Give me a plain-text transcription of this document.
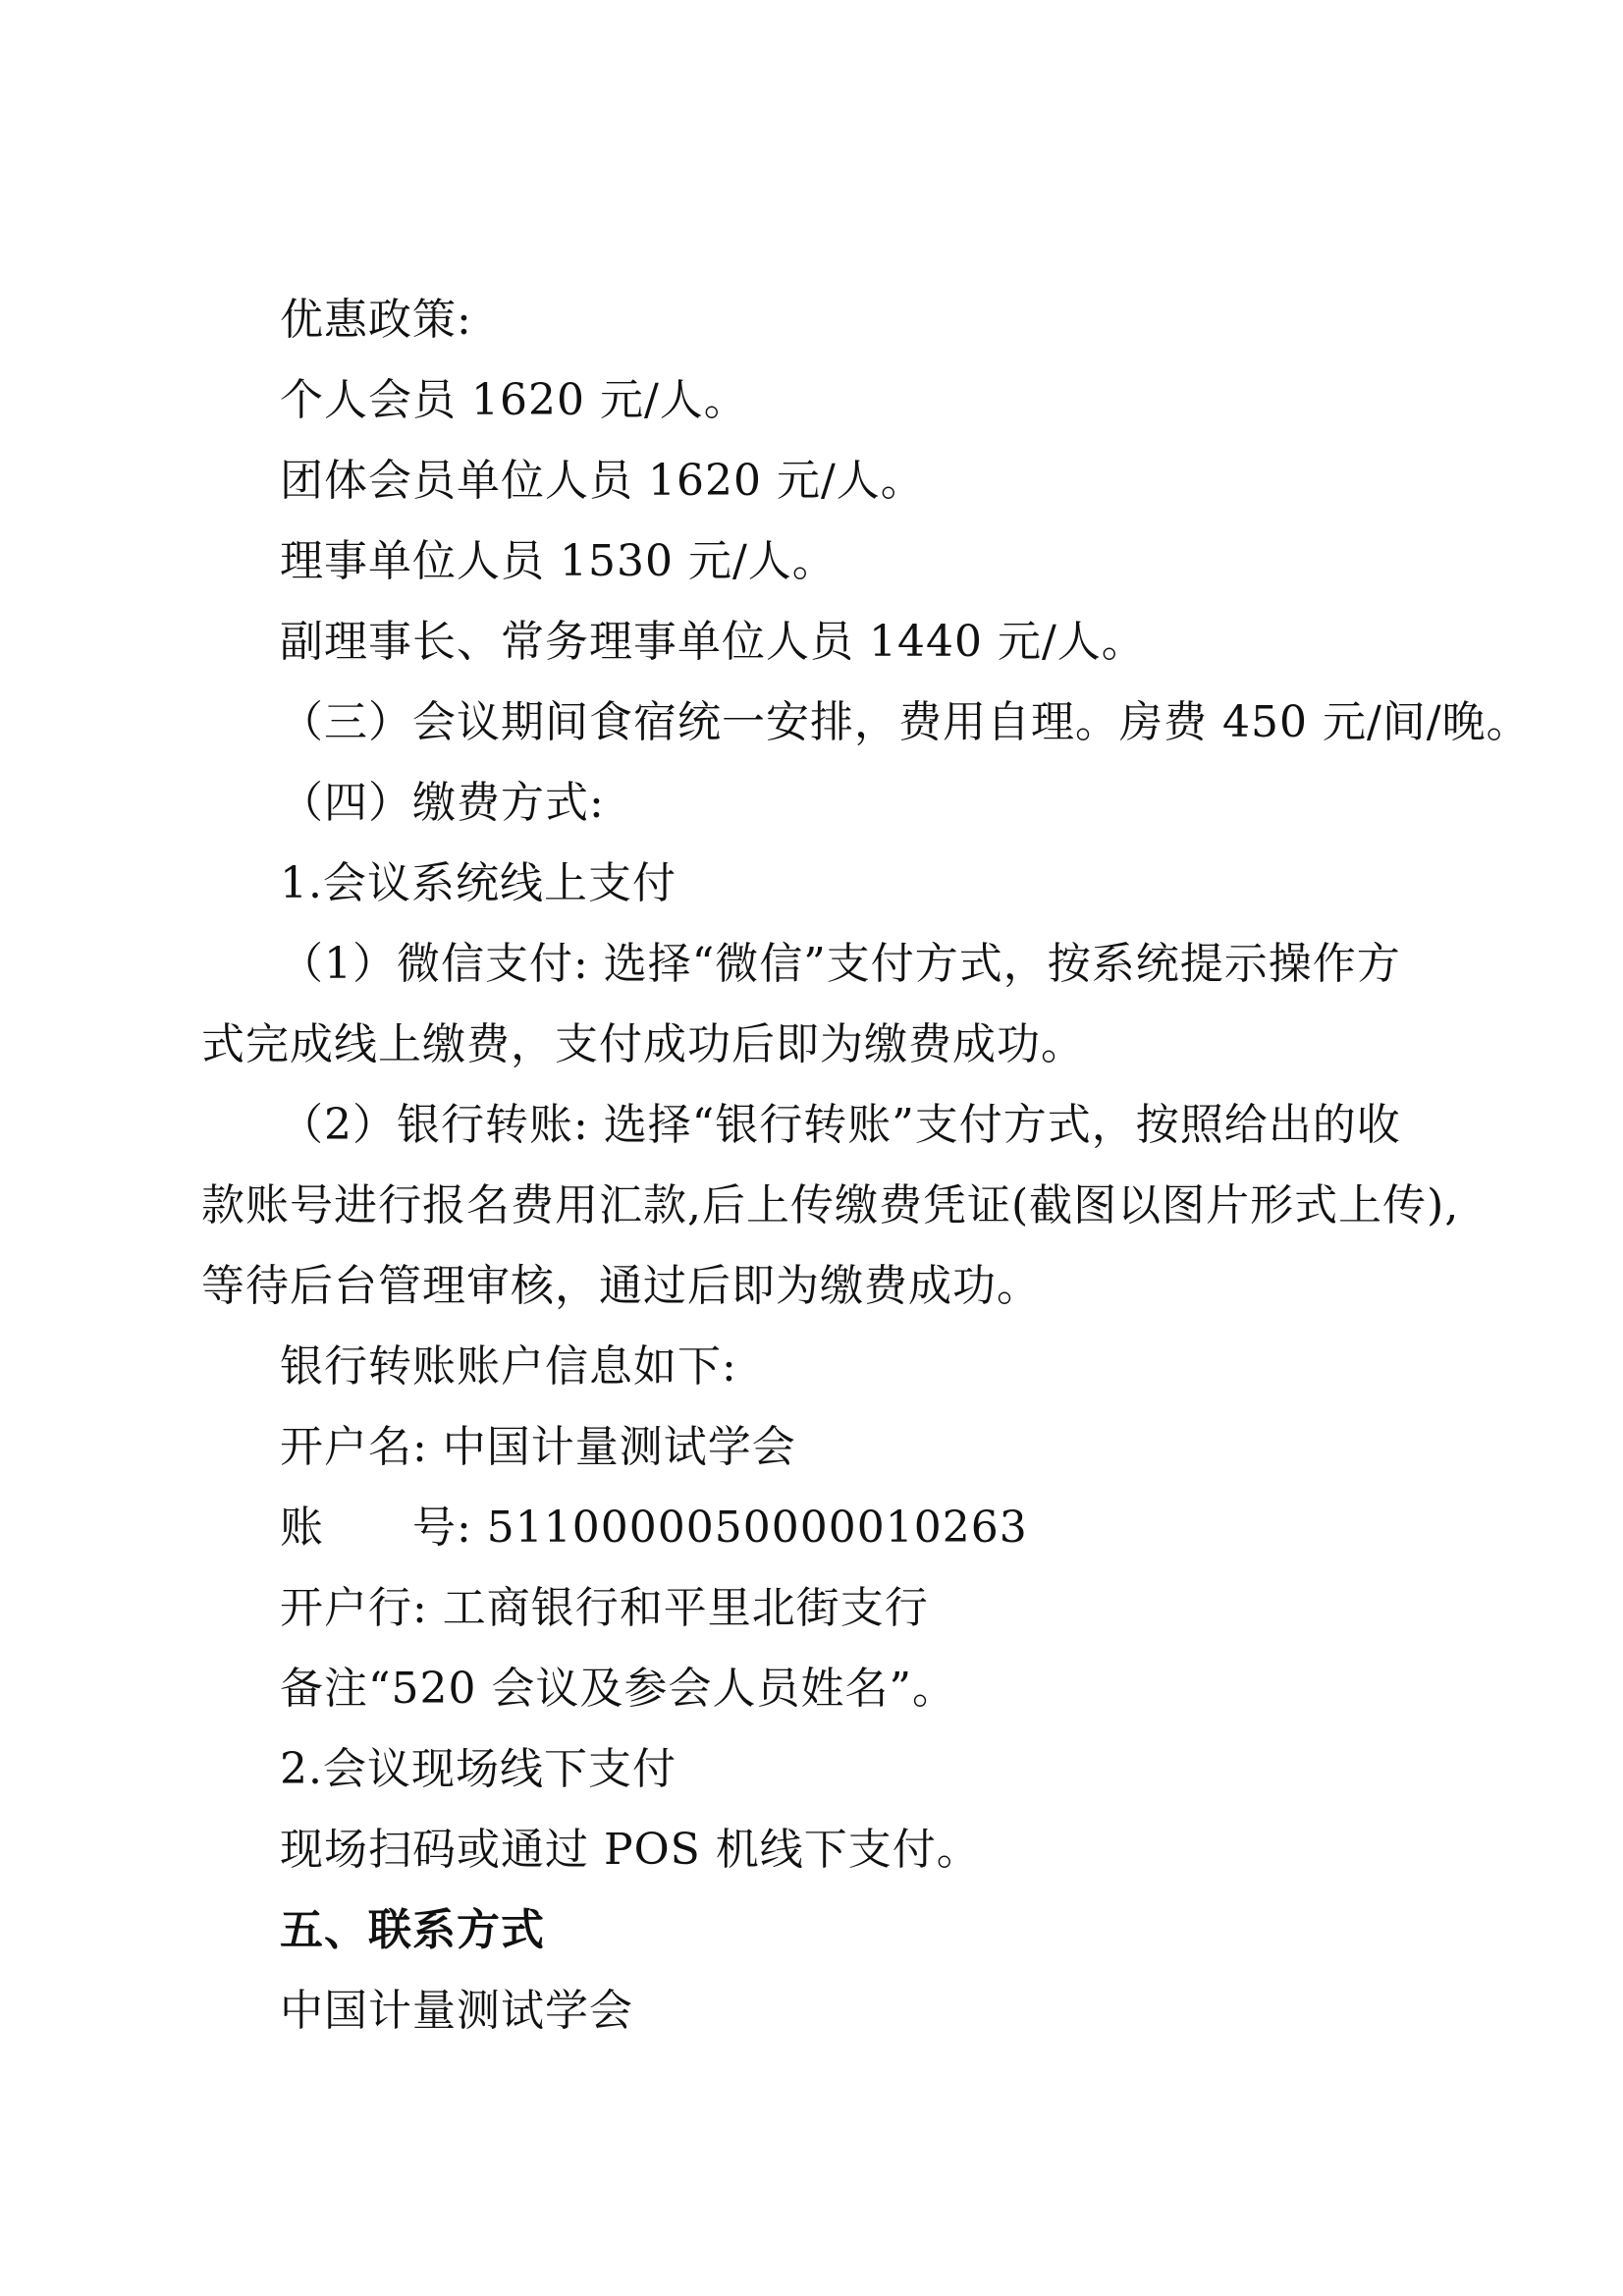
优惠政策:
个人会员 1620 元/人。
团体会员单位人员 1620 元/人。
理事单位人员 1530 元/人。
副理事长、常务理事单位人员 1440 元/人。
（三）会议期间食宿统一安排，费用自理。房费 450 元/间/晚。
（四）缴费方式:
1.会议系统线上支付
（1）微信支付: 选择“微信”支付方式，按系统提示操作方
式完成线上缴费，支付成功后即为缴费成功。
（2）银行转账: 选择“银行转账”支付方式，按照给出的收
款账号进行报名费用汇款,后上传缴费凭证(截图以图片形式上传),
等待后台管理审核，通过后即为缴费成功。
银行转账账户信息如下:
开户名: 中国计量测试学会
账　　号: 5110000050000010263
开户行: 工商银行和平里北街支行
备注“520 会议及参会人员姓名”。
2.会议现场线下支付
现场扫码或通过 POS 机线下支付。
五、联系方式
中国计量测试学会
